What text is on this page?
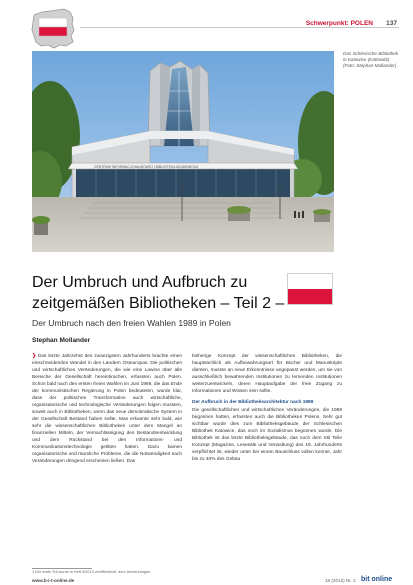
Schwerpunkt: POLEN 137
CENTRUM INFORMACJI NAUKOWEJ I BIBLIOTEKA AKADEMICKA
Das Schlesische Bibliothek in Katowice (Kattowitz) (Foto: Stephan Mallander)
Der Umbruch und Aufbruch zu
zeitgemäßen Bibliotheken – Teil 2 –
Der Umbruch nach den freien Wahlen 1989 in Polen
Stephan Mollander

❯ Das letzte Jahrzehnt des zwanzigsten Jahrhunderts brachte einen einschneidenden Wandel in den Ländern Osteuropas. Die politischen und wirtschaftlichen Veränderungen, die wie eine Lawine über alle Bereiche der Gesellschaft hereinbrachen, erfassten auch Polen. Schon bald nach den ersten freien Wahlen im Juni 1989, die das Ende der kommunistischen Regierung in Polen bedeuteten, wurde klar, dass der politischen Transformation auch wirtschaftliche, organisatorische und technologische Veränderungen folgen mussten, soweit auch in Bibliotheken, wenn das neue demokratische System in der Gesellschaft Bestand haben sollte. Man erkannte sehr bald, wie sehr die wissenschaftlichen Bibliotheken unter dem Mangel an finanziellen Mitteln, der Vernachlässigung des Bestandsentwicklung und dem Rückstand bei den Informations- und Kommunikationstechnologie gelitten hatten. Dazu kamen organisatorische und räumliche Probleme, die die Notwendigkeit nach Veränderungen dringend erscheinen ließen. Das

bisherige Konzept der wissenschaftlichen Bibliotheken, die hauptsächlich als Aufbewahrungsort für Bücher und Manuskripte dienten, musste an neue Erkenntnisse angepasst werden, um sie von ausschließlich bewahrenden Institutionen zu lernenden Institutionen weiterzuentwickeln, deren Hauptaufgabe der freie Zugang zu Informationen und Wissen sein sollte.

Der Aufbruch in der Bibliotheksarchitektur nach 1989

Die gesellschaftlichen und wirtschaftlichen Veränderungen, die 1989 begonnen hatten, erfassten auch die Bibliotheken Polens. Sehr gut sichtbar wurde dies zum Bibliotheksgebäude der Schlesischen Bibliothek Katowice, das noch im Sozialismus begonnen wurde. Die Bibliothek ist das letzte Bibliotheksgebäude, das noch dem Stil Teile Konzept (Magazine, Lesesäle und Verwaltung) des 19. Jahrhunderts verpflichtet ist, wieder unter bei einem Bauschluss vollen konnte. Jahr bis zu 40% des Gebäu

1 Der erste Teil wurde in Heft 4/2013 veröffentlicht, dort: Anmerkungen.
www.b-i-t-online.de	18 (2015) Nr. 2 bit online
